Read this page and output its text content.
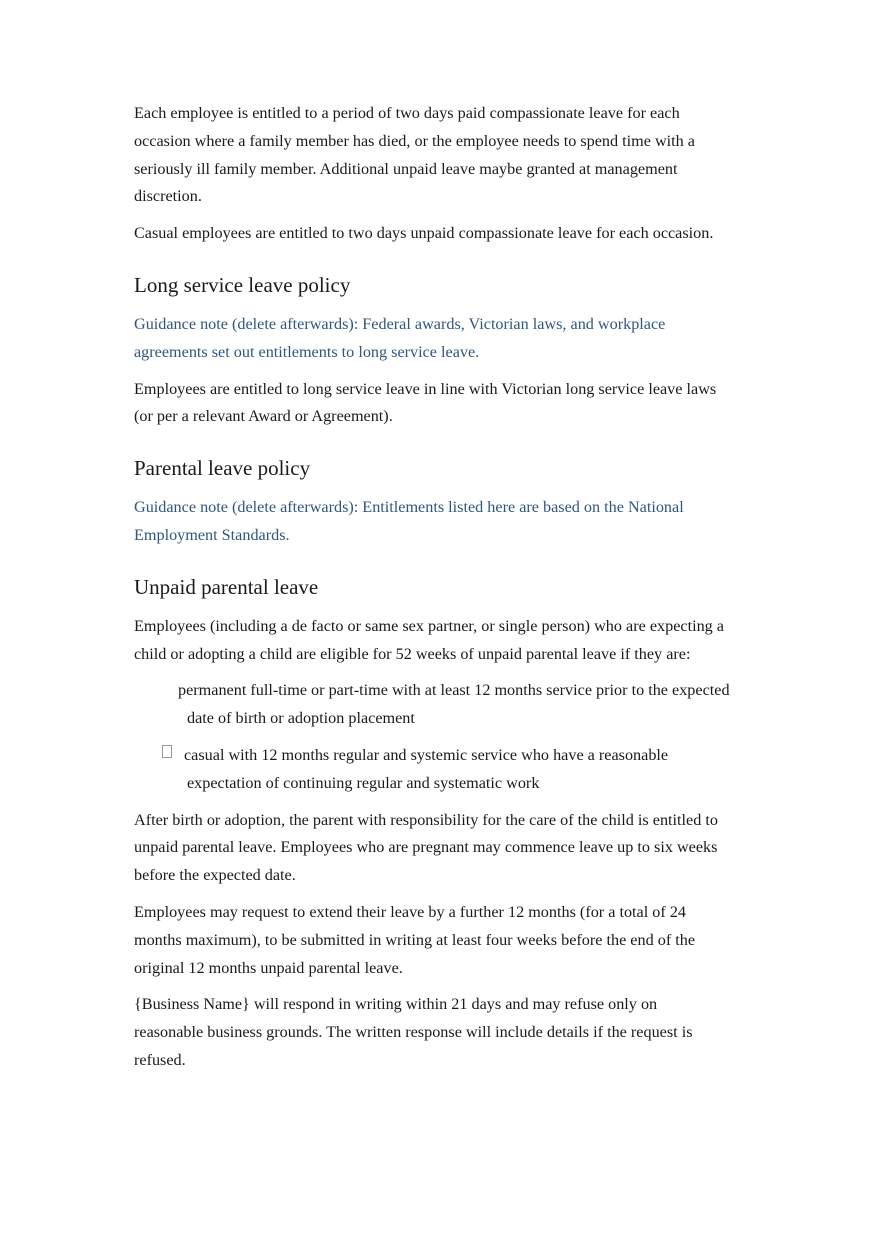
Each employee is entitled to a period of two days paid compassionate leave for each occasion where a family member has died, or the employee needs to spend time with a seriously ill family member. Additional unpaid leave maybe granted at management discretion.

Casual employees are entitled to two days unpaid compassionate leave for each occasion.

Long service leave policy

Guidance note (delete afterwards): Federal awards, Victorian laws, and workplace agreements set out entitlements to long service leave.

Employees are entitled to long service leave in line with Victorian long service leave laws (or per a relevant Award or Agreement).

Parental leave policy

Guidance note (delete afterwards): Entitlements listed here are based on the National Employment Standards.

Unpaid parental leave

Employees (including a de facto or same sex partner, or single person) who are expecting a child or adopting a child are eligible for 52 weeks of unpaid parental leave if they are:

permanent full-time or part-time with at least 12 months service prior to the expected date of birth or adoption placement

casual with 12 months regular and systemic service who have a reasonable expectation of continuing regular and systematic work

After birth or adoption, the parent with responsibility for the care of the child is entitled to unpaid parental leave. Employees who are pregnant may commence leave up to six weeks before the expected date.

Employees may request to extend their leave by a further 12 months (for a total of 24 months maximum), to be submitted in writing at least four weeks before the end of the original 12 months unpaid parental leave.

{Business Name} will respond in writing within 21 days and may refuse only on reasonable business grounds. The written response will include details if the request is refused.
